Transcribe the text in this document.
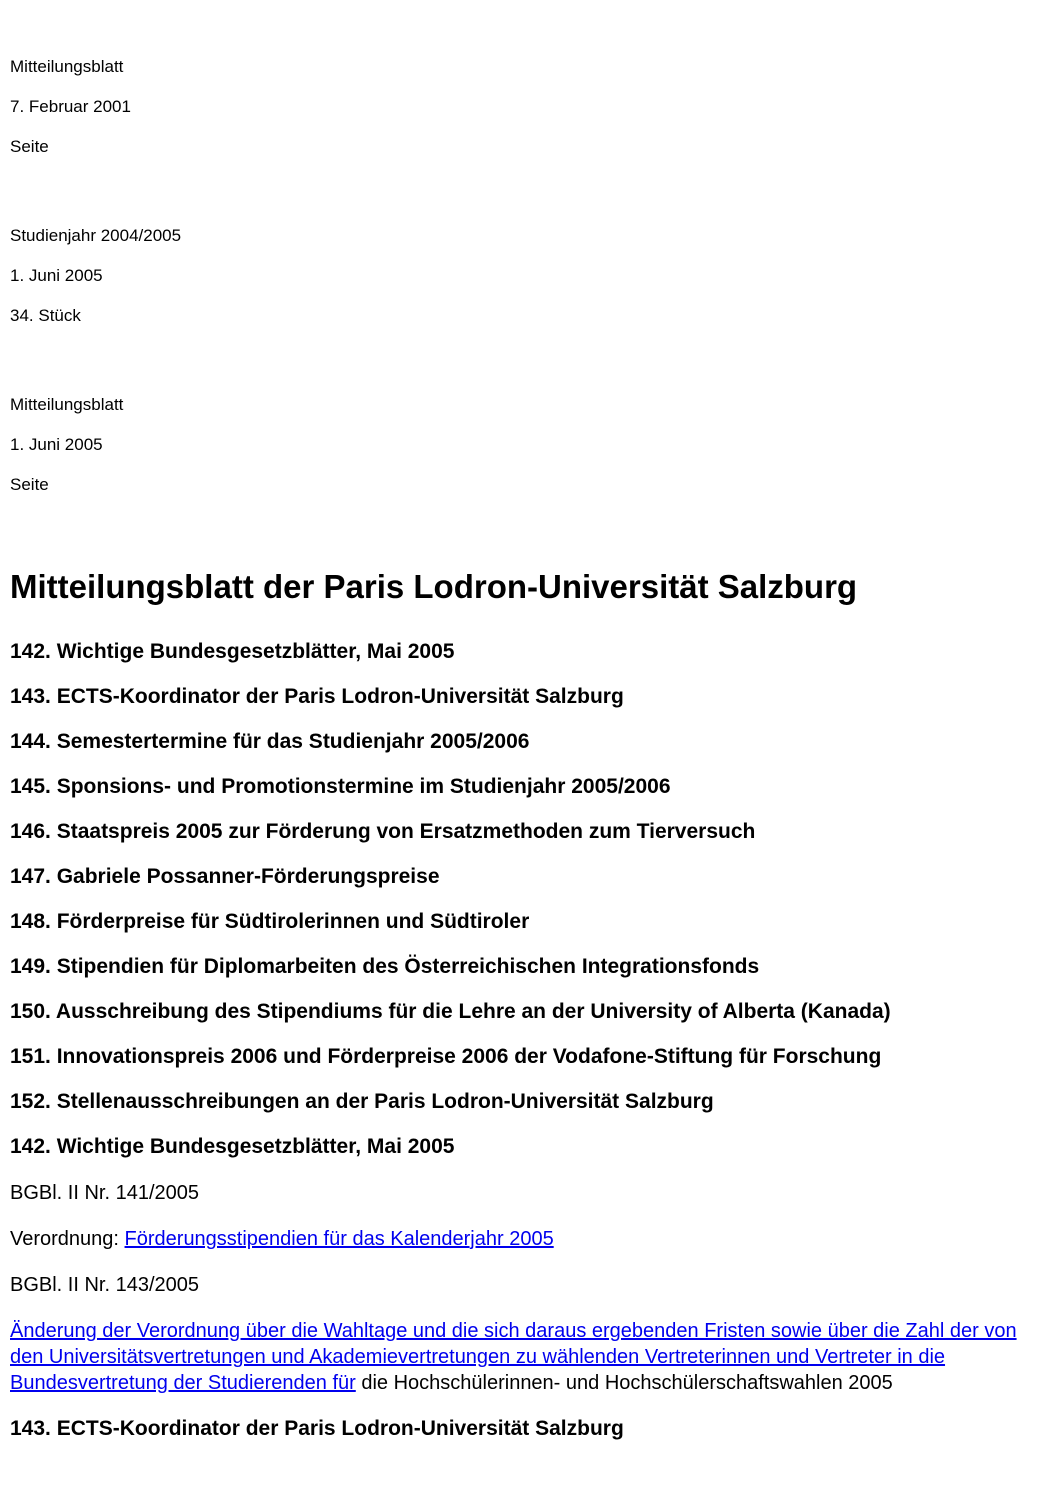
Mitteilungsblatt

7. Februar 2001

Seite

Studienjahr 2004/2005

1. Juni 2005

34. Stück

Mitteilungsblatt

1. Juni 2005

Seite

Mitteilungsblatt der Paris Lodron-Universität Salzburg
142. Wichtige Bundesgesetzblätter, Mai 2005
143. ECTS-Koordinator der Paris Lodron-Universität Salzburg
144. Semestertermine für das Studienjahr 2005/2006
145. Sponsions- und Promotionstermine im Studienjahr 2005/2006
146. Staatspreis 2005 zur Förderung von Ersatzmethoden zum Tierversuch
147. Gabriele Possanner-Förderungspreise
148. Förderpreise für Südtirolerinnen und Südtiroler
149. Stipendien für Diplomarbeiten des Österreichischen Integrationsfonds
150. Ausschreibung des Stipendiums für die Lehre an der University of Alberta (Kanada)
151. Innovationspreis 2006 und Förderpreise 2006 der Vodafone-Stiftung für Forschung
152. Stellenausschreibungen an der Paris Lodron-Universität Salzburg
142. Wichtige Bundesgesetzblätter, Mai 2005

BGBl. II Nr. 141/2005

Verordnung: Förderungsstipendien für das Kalenderjahr 2005

BGBl. II Nr. 143/2005

Änderung der Verordnung über die Wahltage und die sich daraus ergebenden Fristen sowie über die Zahl der von den Universitätsvertretungen und Akademievertretungen zu wählenden Vertreterinnen und Vertreter in die Bundesvertretung der Studierenden für die Hochschülerinnen- und Hochschülerschaftswahlen 2005

143. ECTS-Koordinator der Paris Lodron-Universität Salzburg
